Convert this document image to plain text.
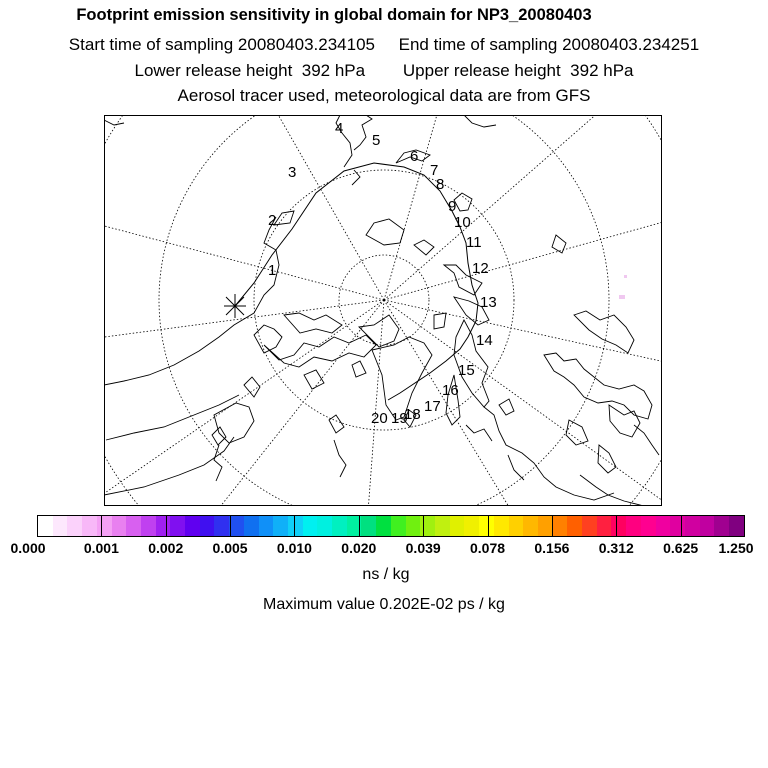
Footprint emission sensitivity in global domain for NP3_20080403
Start time of sampling 20080403.234105     End time of sampling 20080403.234251
Lower release height  392 hPa        Upper release height  392 hPa
Aerosol tracer used, meteorological data are from GFS
1
2
3
4
5
6
7
8
9
10
11
12
13
14
15
16
17
18
19
20
0.000	0.001 0.002 0.005 0.010 0.020 0.039 0.078 0.156 0.312 0.625 1.250
ns / kg
Maximum value 0.202E-02 ps / kg
